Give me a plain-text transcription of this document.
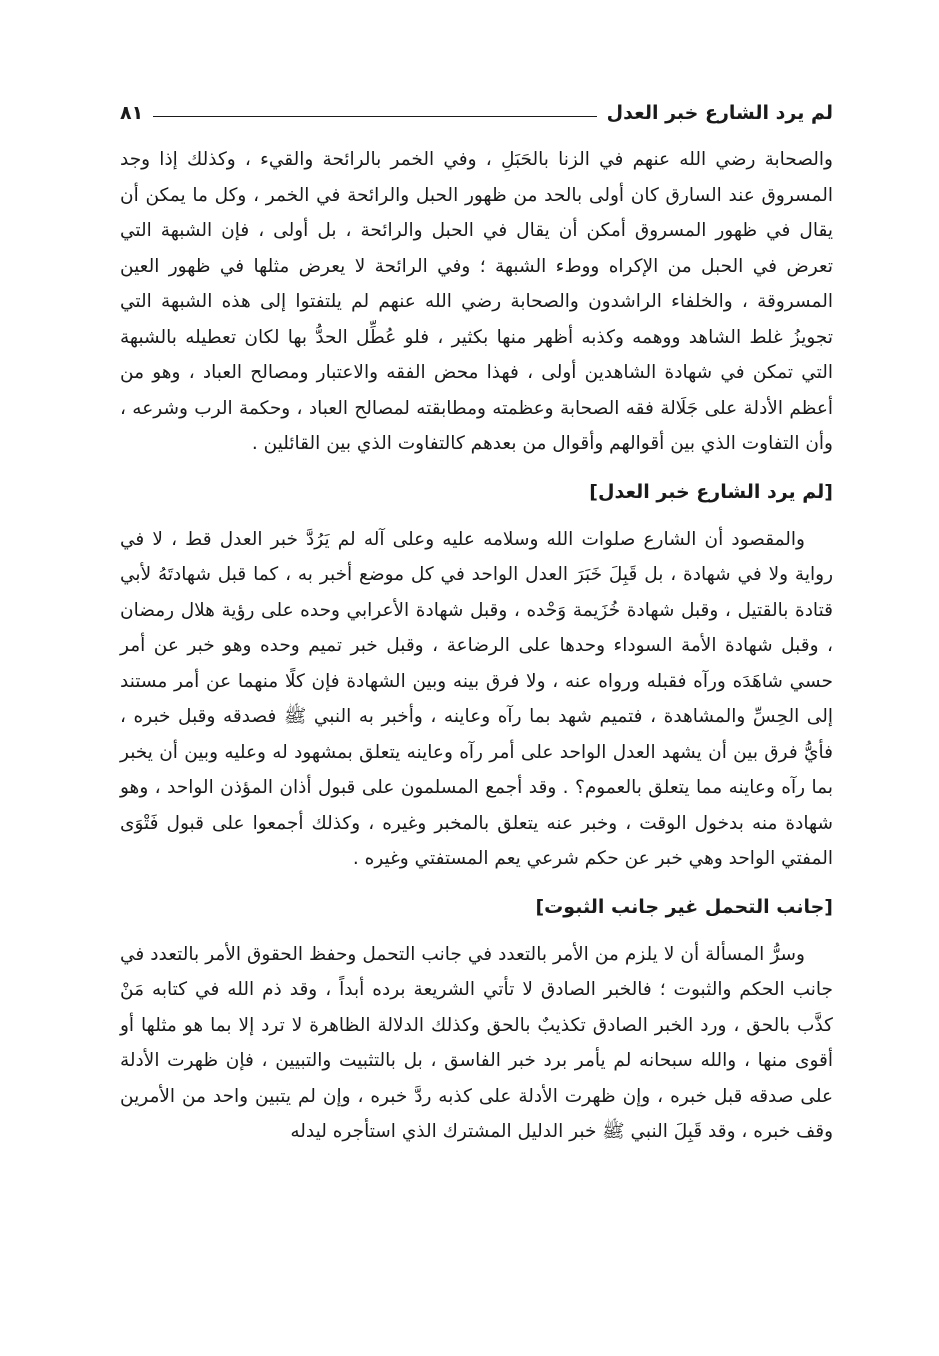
لم يرد الشارع خبر العدل
٨١

والصحابة رضي الله عنهم في الزنا بالحَبَلِ ، وفي الخمر بالرائحة والقيء ، وكذلك إذا وجد المسروق عند السارق كان أولى بالحد من ظهور الحبل والرائحة في الخمر ، وكل ما يمكن أن يقال في ظهور المسروق أمكن أن يقال في الحبل والرائحة ، بل أولى ، فإن الشبهة التي تعرض في الحبل من الإكراه ووطء الشبهة ؛ وفي الرائحة لا يعرض مثلها في ظهور العين المسروقة ، والخلفاء الراشدون والصحابة رضي الله عنهم لم يلتفتوا إلى هذه الشبهة التي تجويزُ غلط الشاهد ووهمه وكذبه أظهر منها بكثير ، فلو عُطِّل الحدُّ بها لكان تعطيله بالشبهة التي تمكن في شهادة الشاهدين أولى ، فهذا محض الفقه والاعتبار ومصالح العباد ، وهو من أعظم الأدلة على جَلَالة فقه الصحابة وعظمته ومطابقته لمصالح العباد ، وحكمة الرب وشرعه ، وأن التفاوت الذي بين أقوالهم وأقوال من بعدهم كالتفاوت الذي بين القائلين .

[لم يرد الشارع خبر العدل]

والمقصود أن الشارع صلوات الله وسلامه عليه وعلى آله لم يَرُدَّ خبر العدل قط ، لا في رواية ولا في شهادة ، بل قَبِلَ خَبَرَ العدل الواحد في كل موضع أخبر به ، كما قبل شهادتَهُ لأبي قتادة بالقتيل ، وقبل شهادة خُزَيمة وَحْده ، وقبل شهادة الأعرابي وحده على رؤية هلال رمضان ، وقبل شهادة الأمة السوداء وحدها على الرضاعة ، وقبل خبر تميم وحده وهو خبر عن أمر حسي شاهَدَه ورآه فقبله ورواه عنه ، ولا فرق بينه وبين الشهادة فإن كلًا منهما عن أمر مستند إلى الحِسِّ والمشاهدة ، فتميم شهد بما رآه وعاينه ، وأخبر به النبي ﷺ فصدقه وقبل خبره ، فأيُّ فرق بين أن يشهد العدل الواحد على أمر رآه وعاينه يتعلق بمشهود له وعليه وبين أن يخبر بما رآه وعاينه مما يتعلق بالعموم؟ . وقد أجمع المسلمون على قبول أذان المؤذن الواحد ، وهو شهادة منه بدخول الوقت ، وخبر عنه يتعلق بالمخبر وغيره ، وكذلك أجمعوا على قبول فَتْوَى المفتي الواحد وهي خبر عن حكم شرعي يعم المستفتي وغيره .

[جانب التحمل غير جانب الثبوت]

وسرُّ المسألة أن لا يلزم من الأمر بالتعدد في جانب التحمل وحفظ الحقوق الأمر بالتعدد في جانب الحكم والثبوت ؛ فالخبر الصادق لا تأتي الشريعة برده أبداً ، وقد ذم الله في كتابه مَنْ كذَّب بالحق ، ورد الخبر الصادق تكذيبٌ بالحق وكذلك الدلالة الظاهرة لا ترد إلا بما هو مثلها أو أقوى منها ، والله سبحانه لم يأمر برد خبر الفاسق ، بل بالتثبيت والتبيين ، فإن ظهرت الأدلة على صدقه قبل خبره ، وإن ظهرت الأدلة على كذبه ردَّ خبره ، وإن لم يتبين واحد من الأمرين وقف خبره ، وقد قَبِلَ النبي ﷺ خبر الدليل المشترك الذي استأجره ليدله
